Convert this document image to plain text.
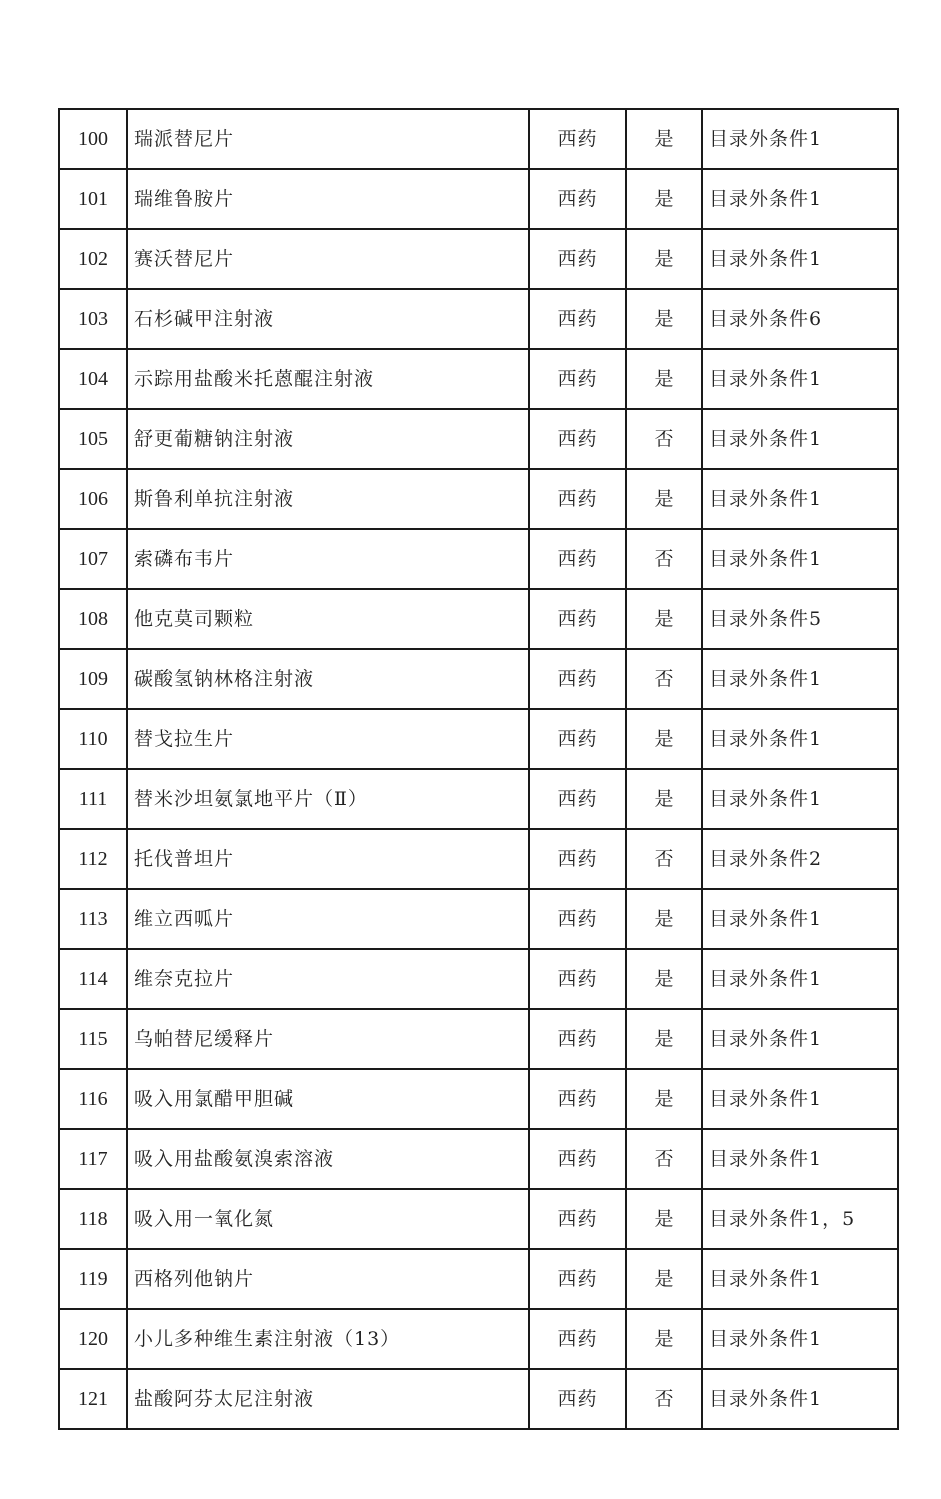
100	瑞派替尼片	西药	是	目录外条件1
101	瑞维鲁胺片	西药	是	目录外条件1
102	赛沃替尼片	西药	是	目录外条件1
103	石杉碱甲注射液	西药	是	目录外条件6
104	示踪用盐酸米托蒽醌注射液	西药	是	目录外条件1
105	舒更葡糖钠注射液	西药	否	目录外条件1
106	斯鲁利单抗注射液	西药	是	目录外条件1
107	索磷布韦片	西药	否	目录外条件1
108	他克莫司颗粒	西药	是	目录外条件5
109	碳酸氢钠林格注射液	西药	否	目录外条件1
110	替戈拉生片	西药	是	目录外条件1
111	替米沙坦氨氯地平片（Ⅱ）	西药	是	目录外条件1
112	托伐普坦片	西药	否	目录外条件2
113	维立西呱片	西药	是	目录外条件1
114	维奈克拉片	西药	是	目录外条件1
115	乌帕替尼缓释片	西药	是	目录外条件1
116	吸入用氯醋甲胆碱	西药	是	目录外条件1
117	吸入用盐酸氨溴索溶液	西药	否	目录外条件1
118	吸入用一氧化氮	西药	是	目录外条件1，5
119	西格列他钠片	西药	是	目录外条件1
120	小儿多种维生素注射液（13）	西药	是	目录外条件1
121	盐酸阿芬太尼注射液	西药	否	目录外条件1
